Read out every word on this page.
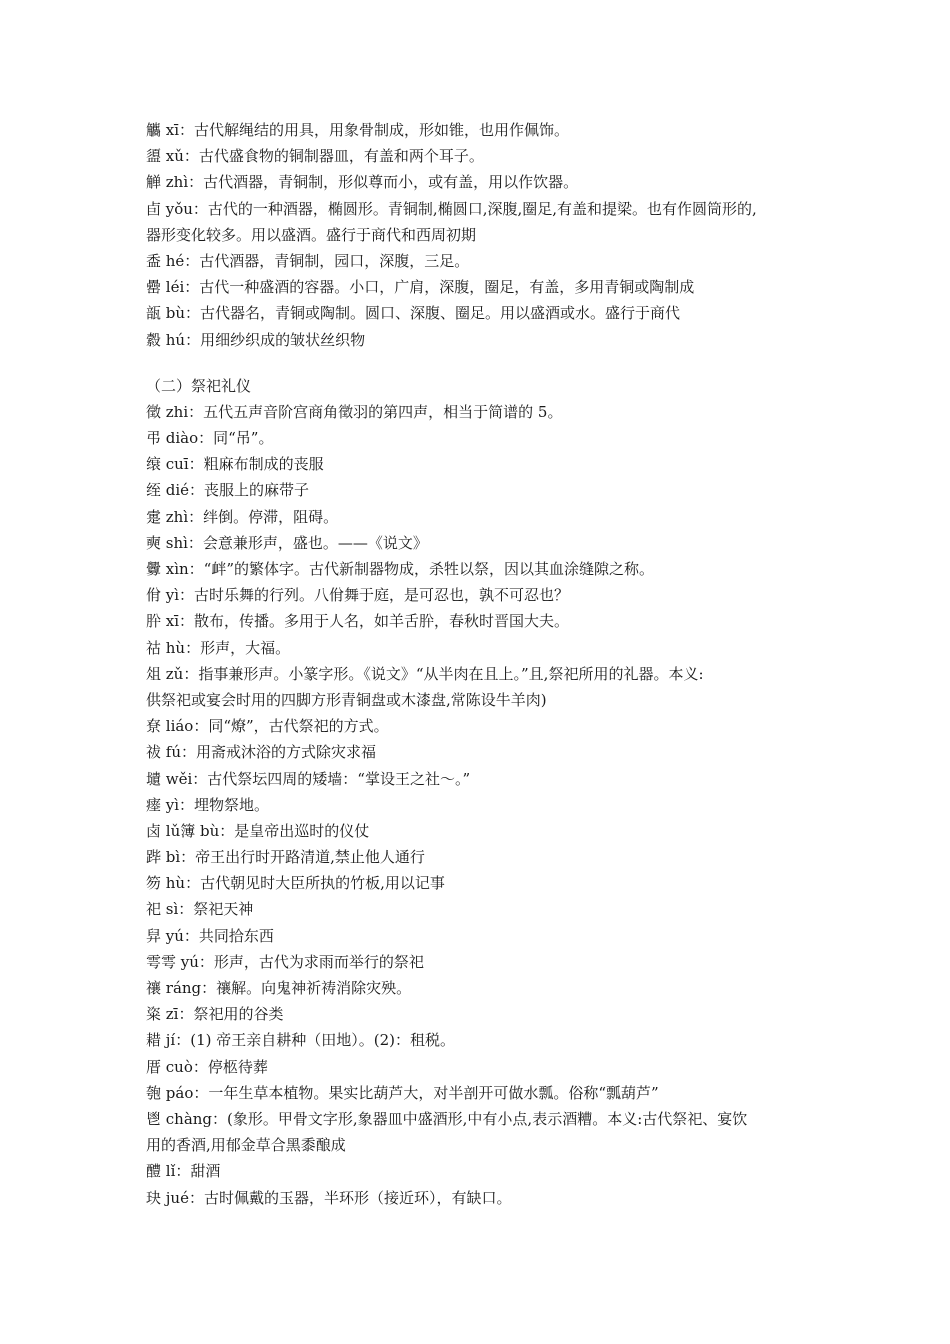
觿 xī：古代解绳结的用具，用象骨制成，形如锥，也用作佩饰。
盨 xǔ：古代盛食物的铜制器皿，有盖和两个耳子。
觯 zhì：古代酒器，青铜制，形似尊而小，或有盖，用以作饮器。
卣 yǒu：古代的一种酒器，椭圆形。青铜制,椭圆口,深腹,圈足,有盖和提梁。也有作圆筒形的,
器形变化较多。用以盛酒。盛行于商代和西周初期
盉 hé：古代酒器，青铜制，园口，深腹，三足。
罍 léi：古代一种盛酒的容器。小口，广肩，深腹，圈足，有盖，多用青铜或陶制成
瓿 bù：古代器名，青铜或陶制。圆口、深腹、圈足。用以盛酒或水。盛行于商代
縠 hú：用细纱织成的皱状丝织物
（二）祭祀礼仪
徵 zhi：五代五声音阶宫商角徵羽的第四声，相当于简谱的 5。
弔 diào：同“吊”。
缞 cuī：粗麻布制成的丧服
绖 dié：丧服上的麻带子
疐 zhì：绊倒。停滞，阻碍。
奭 shì：会意兼形声，盛也。——《说文》
釁 xìn：“衅”的繁体字。古代新制器物成，杀牲以祭，因以其血涂缝隙之称。
佾 yì：古时乐舞的行列。八佾舞于庭，是可忍也，孰不可忍也？
肸 xī：散布，传播。多用于人名，如羊舌肸，春秋时晋国大夫。
祜 hù：形声，大福。
俎 zǔ：指事兼形声。小篆字形。《说文》“从半肉在且上。”且,祭祀所用的礼器。本义:
供祭祀或宴会时用的四脚方形青铜盘或木漆盘,常陈设牛羊肉)
尞 liáo：同“燎”，古代祭祀的方式。
祓 fú：用斋戒沐浴的方式除灾求福
壝 wěi：古代祭坛四周的矮墙：“掌设王之社～。”
瘗 yì：埋物祭地。
卤 lǔ簿 bù：是皇帝出巡时的仪仗
跸 bì：帝王出行时开路清道,禁止他人通行
笏 hù：古代朝见时大臣所执的竹板,用以记事
祀 sì：祭祀天神
舁 yú：共同拾东西
雩雩 yú：形声，古代为求雨而举行的祭祀
禳 ráng：禳解。向鬼神祈祷消除灾殃。
粢 zī：祭祀用的谷类
耤 jí：(1) 帝王亲自耕种（田地）。(2)：租税。
厝 cuò：停柩待葬
匏 páo：一年生草本植物。果实比葫芦大，对半剖开可做水瓢。俗称“瓢葫芦”
鬯 chàng：(象形。甲骨文字形,象器皿中盛酒形,中有小点,表示酒糟。本义:古代祭祀、宴饮
用的香酒,用郁金草合黑黍酿成
醴 lǐ：甜酒
玦 jué：古时佩戴的玉器，半环形（接近环），有缺口。
